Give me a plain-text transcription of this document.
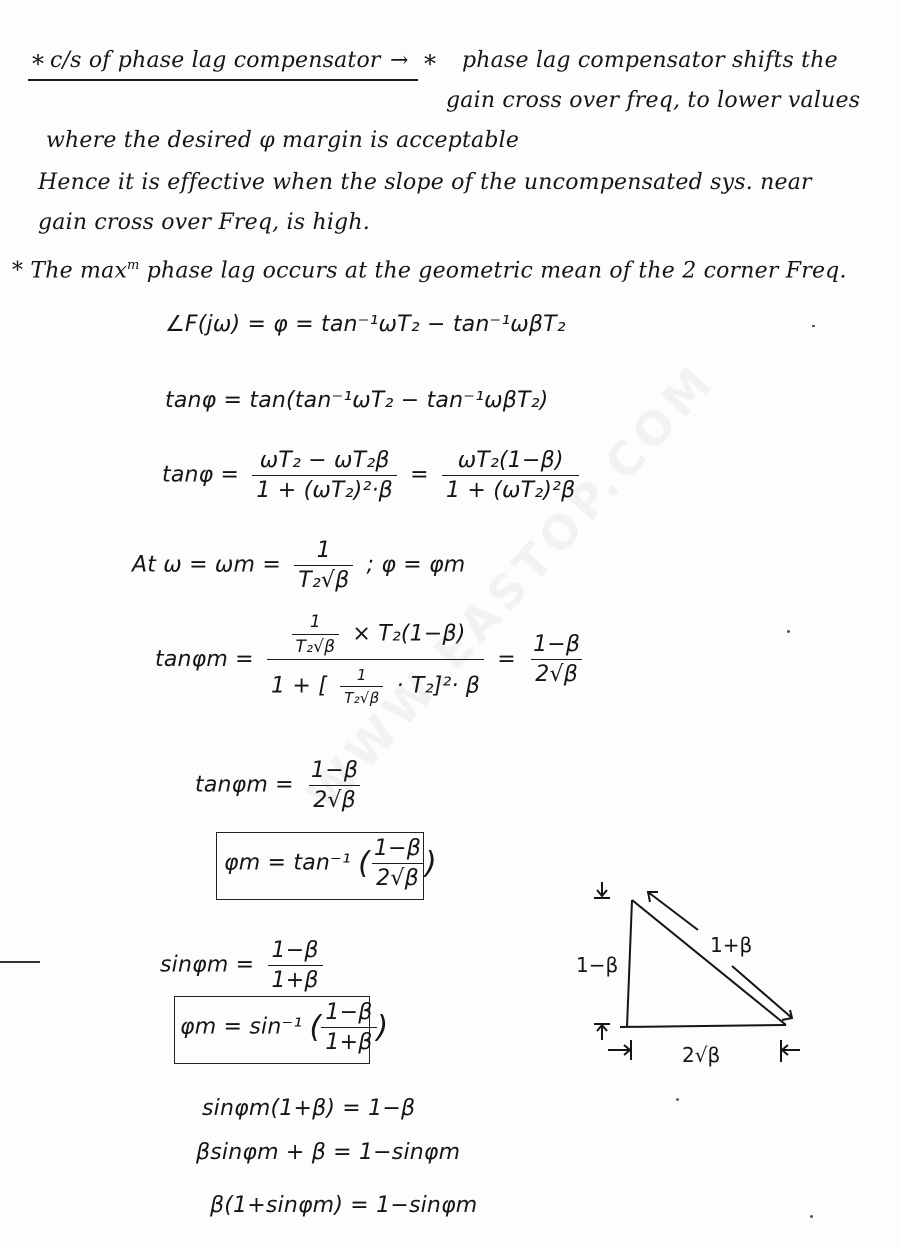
* c/s of phase lag compensator → * phase lag compensator shifts the
gain cross over freq, to lower values
where the desired φ margin is acceptable
Hence it is effective when the slope of the uncompensated sys. near
gain cross over Freq, is high.
* The $\max^m$ phase lag occurs at the geometric mean of the 2 corner Freq.
∠F(jω) = φ = tan⁻¹ωT₂ − tan⁻¹ωβT₂
tanφ = tan(tan⁻¹ωT₂ − tan⁻¹ωβT₂)
$\tan\varphi = \frac{\text{ωT₂ − ωT₂β}}{\text{1 + (ωT₂)²·β}} = \frac{\text{ωT₂(1−β)}}{\text{1 + (ωT₂)²β}}$
At $\omega = \omega m = \frac{1}{\text{T₂√β}}$ ; φ = φm
tanφm =
$\frac{1}{\text{T₂√β}} \times T_2(1-\beta)$
1 + [ $\frac{1}{\text{T₂√β}} \cdot T_2]^2\cdot \beta$
= $\frac{1-\beta}{2√\beta}$
$\tan\varphi m = \frac{1-\beta}{2√\beta}$
φm = tan⁻¹ ( $\frac{1-\beta}{2√\beta}$ )
$\sin\varphi m = \frac{1-\beta}{1+\beta}$
φm = sin⁻¹ ( $\frac{1-\beta}{1+\beta}$ )
sinφm(1+β) = 1−β
βsinφm + β = 1−sinφm
β(1+sinφm) = 1−sinφm
1−β
1+β
2√β
